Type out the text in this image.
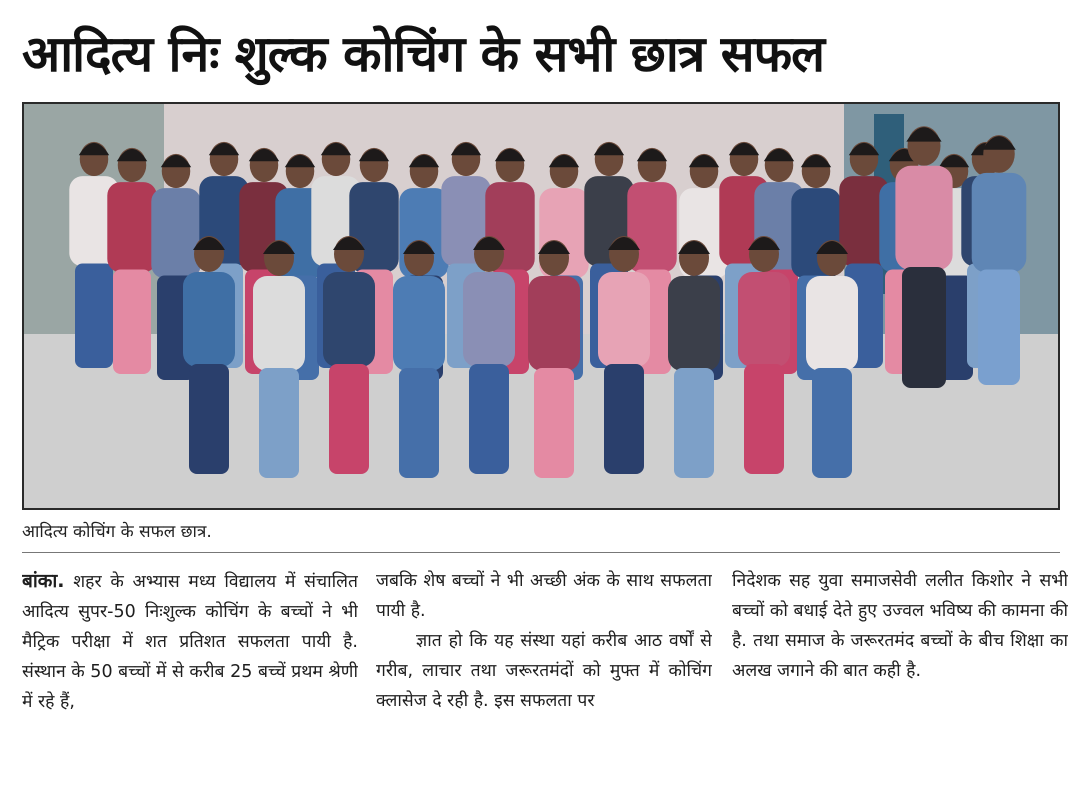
आदित्य निः शुल्क कोचिंग के सभी छात्र सफल
आदित्य कोचिंग के सफल छात्र.

बांका. शहर के अभ्यास मध्य विद्यालय में संचालित आदित्य सुपर-50 निःशुल्क कोचिंग के बच्चों ने भी मैट्रिक परीक्षा में शत प्रतिशत सफलता पायी है. संस्थान के 50 बच्चों में से करीब 25 बच्चें प्रथम श्रेणी में रहे हैं,

जबकि शेष बच्चों ने भी अच्छी अंक के साथ सफलता पायी है.

ज्ञात हो कि यह संस्था यहां करीब आठ वर्षों से गरीब, लाचार तथा जरूरतमंदों को मुफ्त में कोचिंग क्लासेज दे रही है. इस सफलता पर

निदेशक सह युवा समाजसेवी ललीत किशोर ने सभी बच्चों को बधाई देते हुए उज्वल भविष्य की कामना की है. तथा समाज के जरूरतमंद बच्चों के बीच शिक्षा का अलख जगाने की बात कही है.
